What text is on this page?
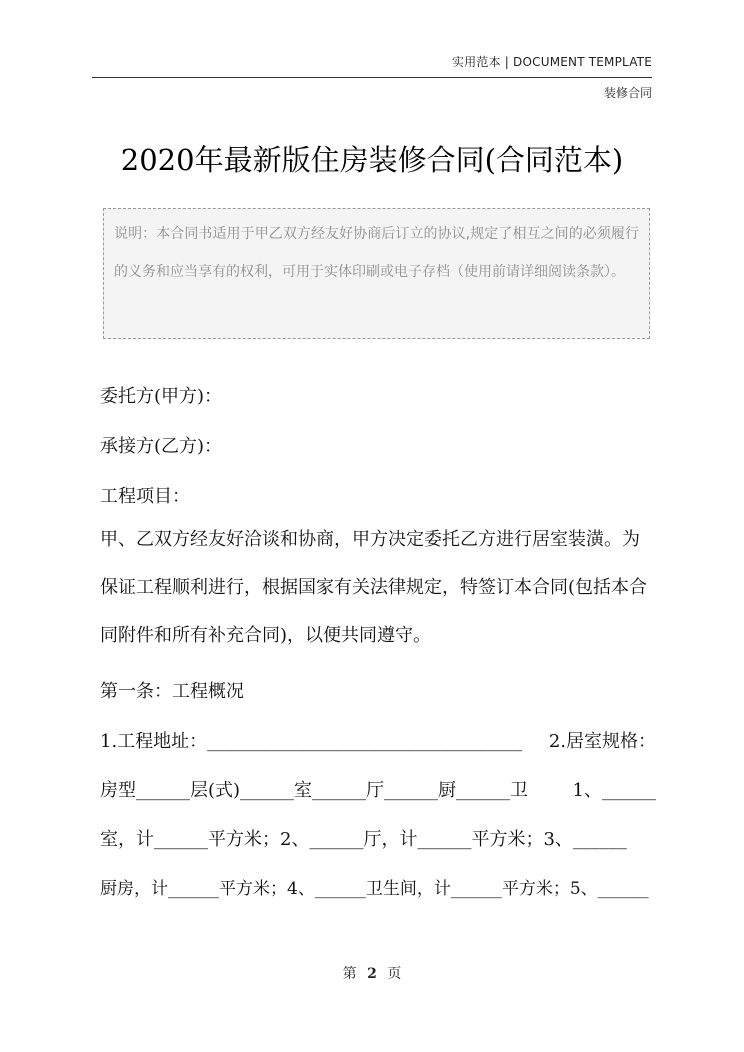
实用范本 | DOCUMENT TEMPLATE
装修合同
2020年最新版住房装修合同(合同范本)
说明：本合同书适用于甲乙双方经友好协商后订立的协议,规定了相互之间的必须履行的义务和应当享有的权利，可用于实体印刷或电子存档（使用前请详细阅读条款）。
委托方(甲方)：
承接方(乙方)：
工程项目：
甲、乙双方经友好洽谈和协商，甲方决定委托乙方进行居室装潢。为保证工程顺利进行，根据国家有关法律规定，特签订本合同(包括本合同附件和所有补充合同)，以便共同遵守。
第一条：工程概况
1.工程地址：___________________________________ 2.居室规格：
房型______层(式)______室______厅______厨______卫 1、______
室，计______平方米；2、______厅，计______平方米；3、______
厨房，计______平方米；4、______卫生间，计______平方米；5、______
第 2 页
